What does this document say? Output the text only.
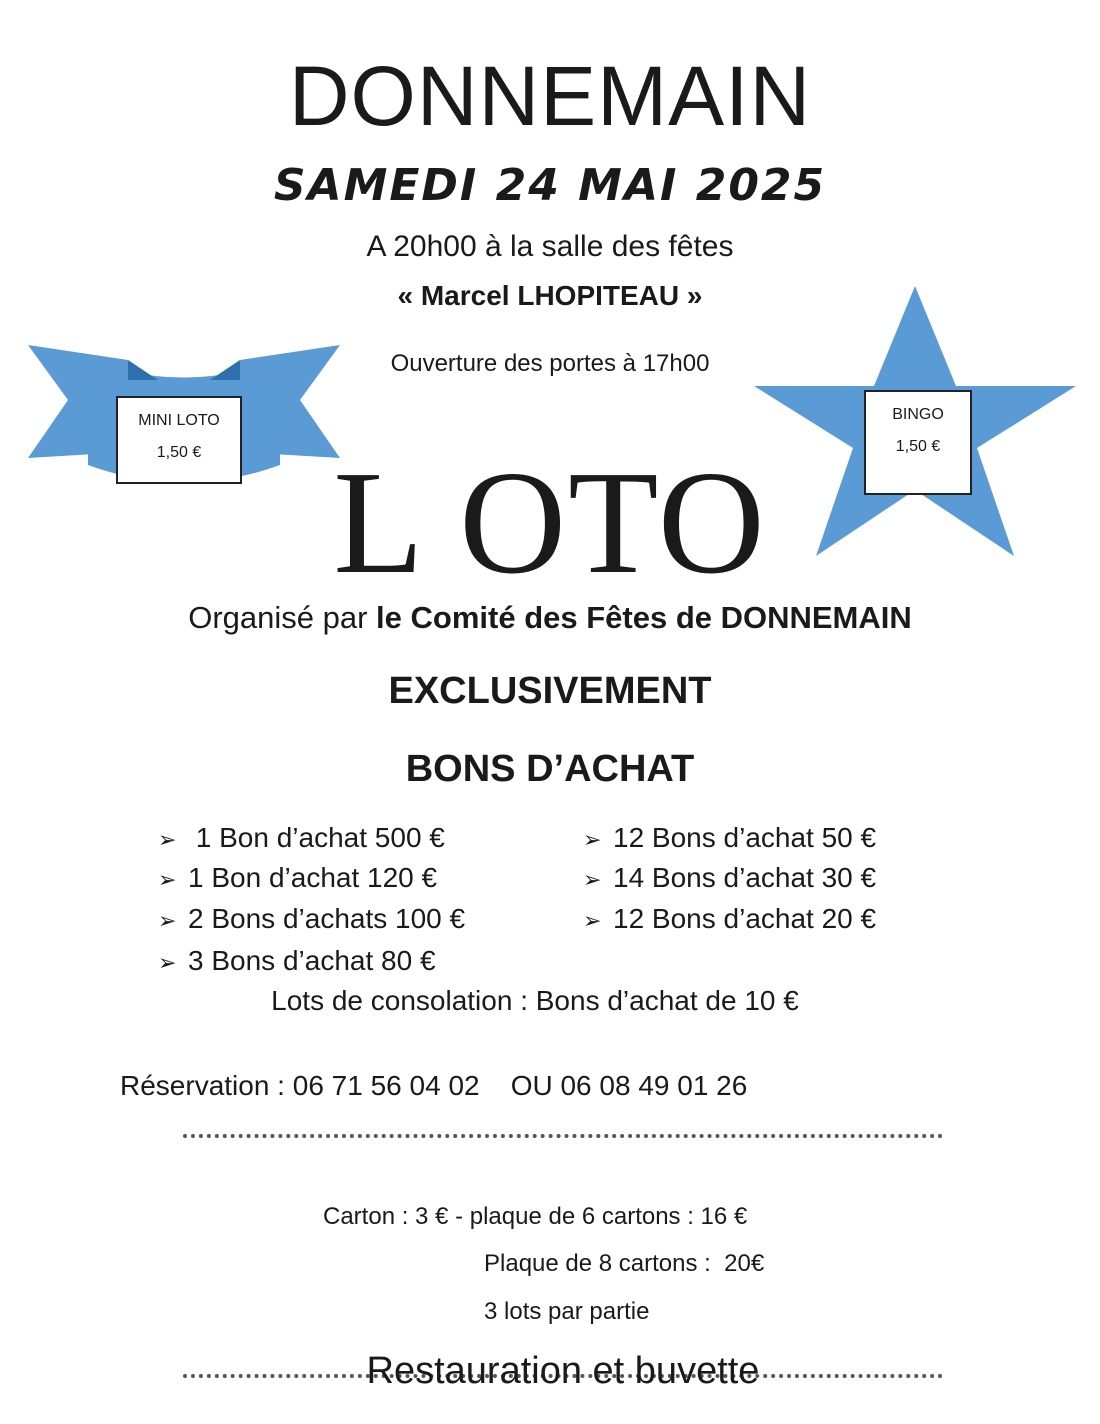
DONNEMAIN
SAMEDI 24 MAI 2025
A 20h00 à la salle des fêtes
« Marcel LHOPITEAU »
Ouverture des portes à 17h00
MINI LOTO
1,50 €
BINGO
1,50 €
L OTO
Organisé par le Comité des Fêtes de DONNEMAIN
EXCLUSIVEMENT
BONS D’ACHAT
➢ 1 Bon d’achat 500 €
➢ 1 Bon d’achat 120 €
➢ 2 Bons d’achats 100 €
➢ 3 Bons d’achat 80 €
➢ 12 Bons d’achat 50 €
➢ 14 Bons d’achat 30 €
➢ 12 Bons d’achat 20 €
Lots de consolation : Bons d’achat de 10 €
Réservation : 06 71 56 04 02    OU 06 08 49 01 26
Carton : 3 € - plaque de 6 cartons : 16 €
Plaque de 8 cartons :  20€
3 lots par partie
Restauration et buvette
